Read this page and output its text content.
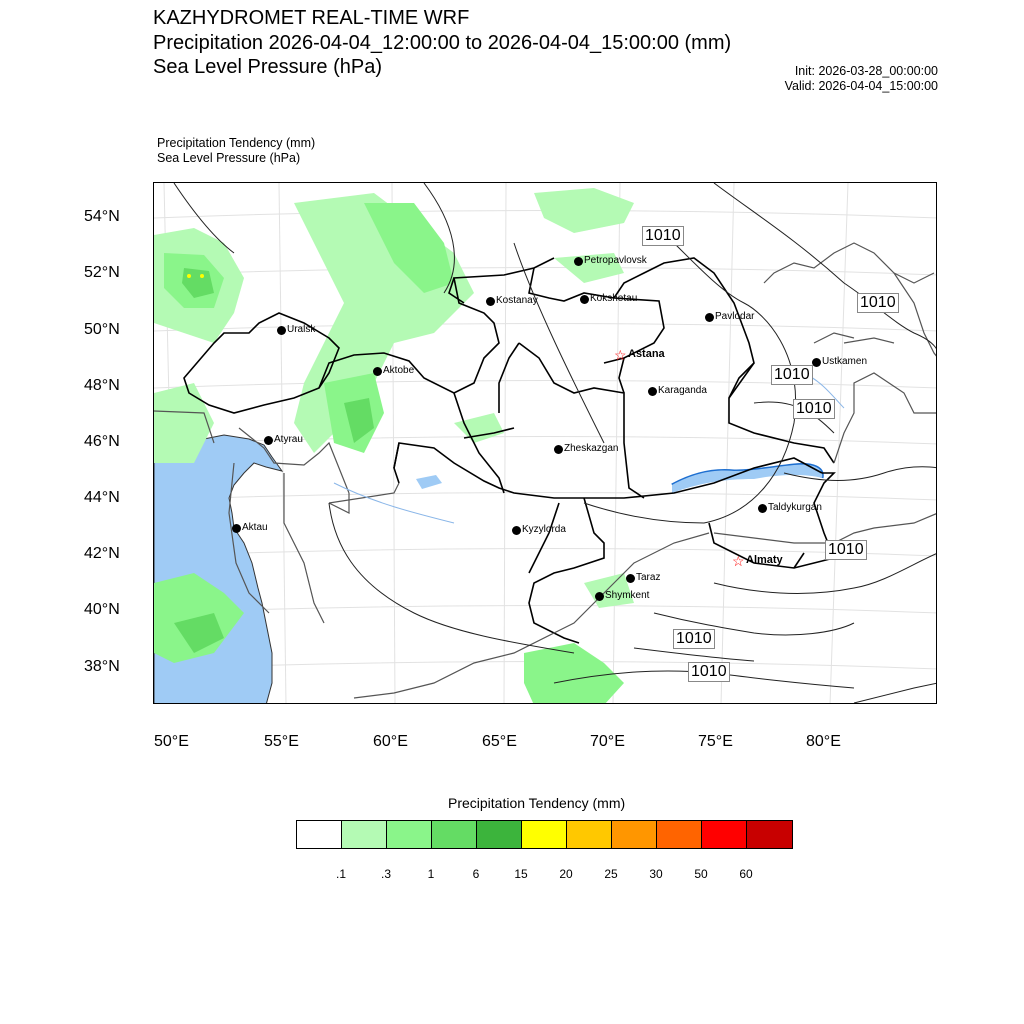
KAZHYDROMET REAL-TIME WRF
Precipitation 2026-04-04_12:00:00 to 2026-04-04_15:00:00 (mm)
Sea Level Pressure (hPa)	Init: 2026-03-28_00:00:00
Valid: 2026-04-04_15:00:00
Precipitation Tendency (mm)
Sea Level Pressure (hPa)
54°N
52°N
50°N
48°N
46°N
44°N
42°N
40°N
38°N
50°E	55°E	60°E	65°E	70°E	75°E	80°E
Petropavlovsk
Kostanay	Kokshetau
Pavlodar
Uralsk
☆ Astana
Ustkamen
Aktobe
Karaganda
Atyrau
Zheskazgan
Aktau
Taldykurgan
Kyzylorda
☆ Almaty
Taraz
Shymkent
1010
1010
1010
1010
1010
1010
1010
Precipitation Tendency (mm)
.1	.3	1	6	15	20	25	30	50	60
